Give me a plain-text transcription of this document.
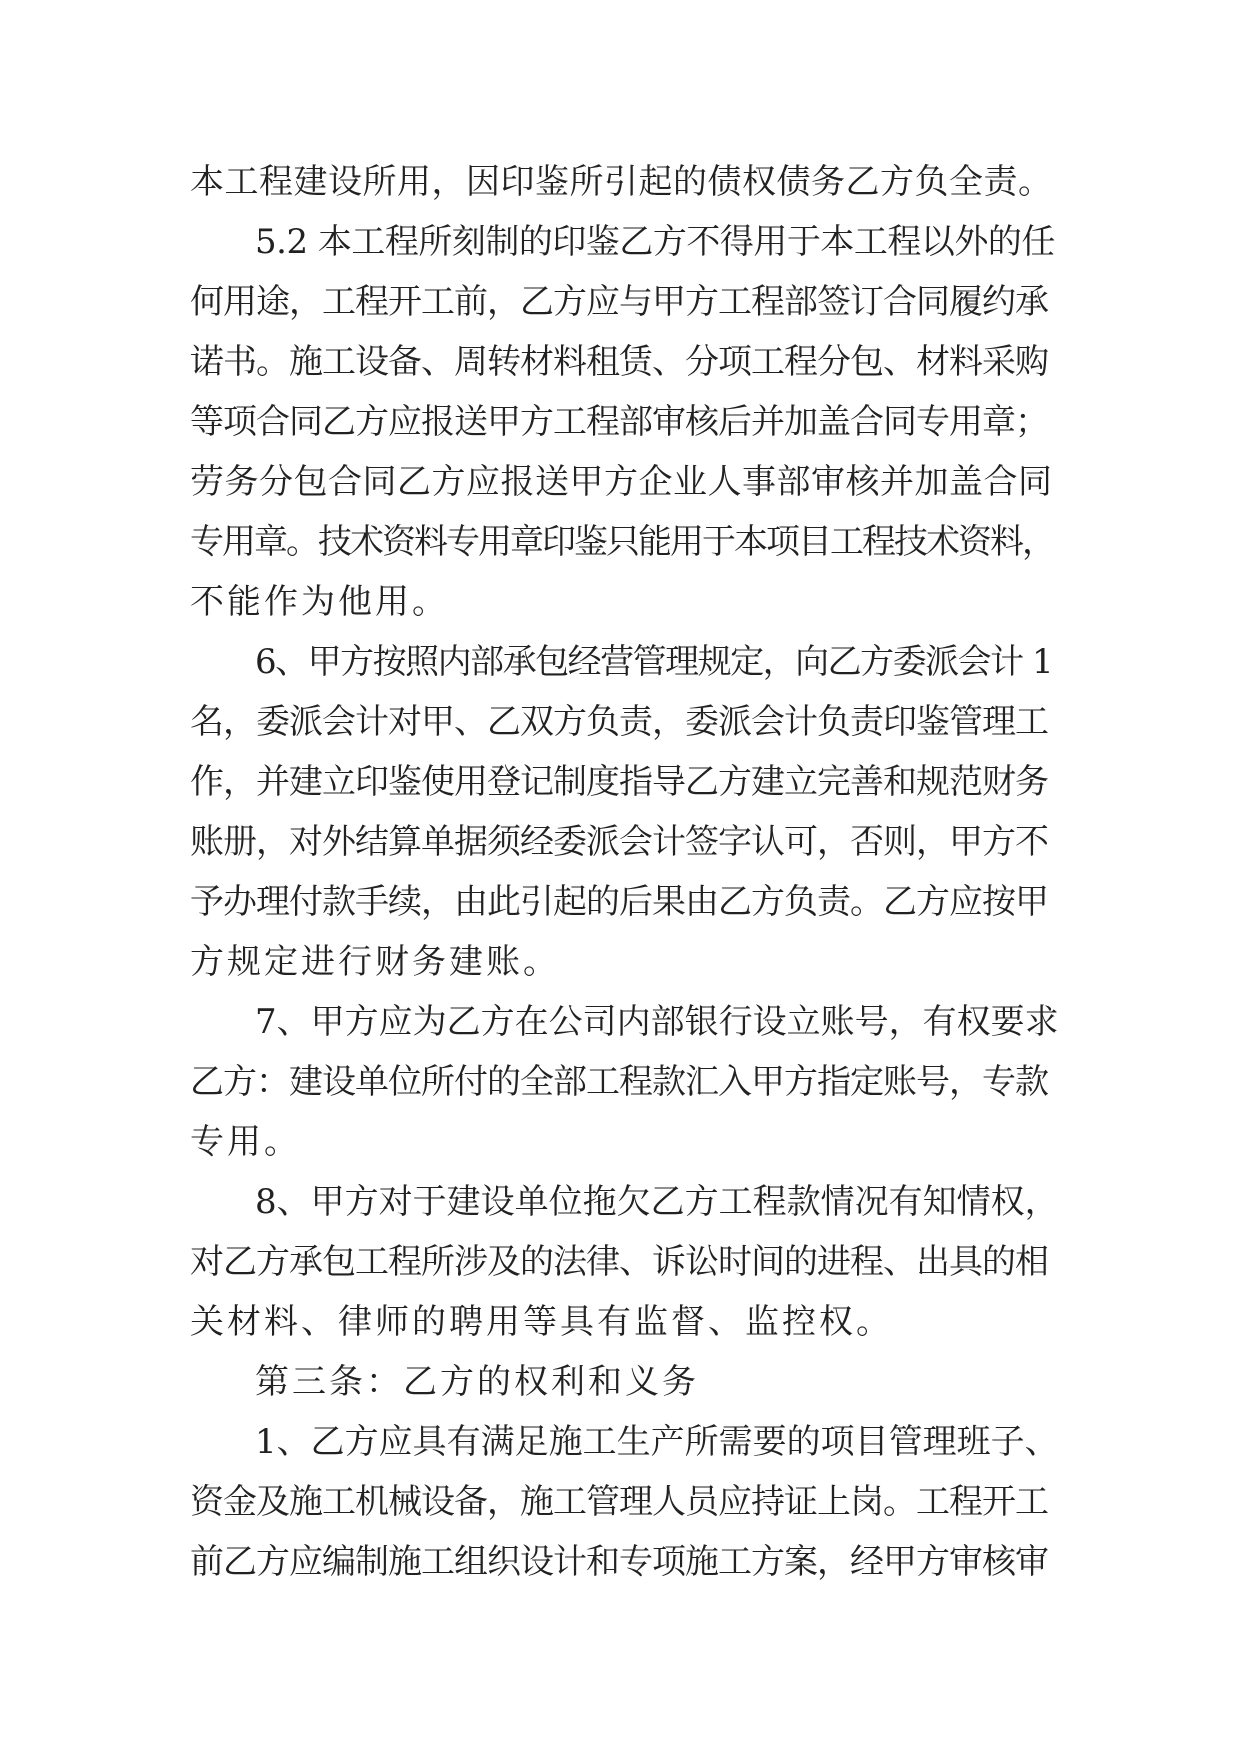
本工程建设所用，因印鉴所引起的债权债务乙方负全责。
5.2 本工程所刻制的印鉴乙方不得用于本工程以外的任
何用途，工程开工前，乙方应与甲方工程部签订合同履约承
诺书。施工设备、周转材料租赁、分项工程分包、材料采购
等项合同乙方应报送甲方工程部审核后并加盖合同专用章；
劳务分包合同乙方应报送甲方企业人事部审核并加盖合同
专用章。技术资料专用章印鉴只能用于本项目工程技术资料，
不能作为他用。
6、甲方按照内部承包经营管理规定，向乙方委派会计 1
名，委派会计对甲、乙双方负责，委派会计负责印鉴管理工
作，并建立印鉴使用登记制度指导乙方建立完善和规范财务
账册，对外结算单据须经委派会计签字认可，否则，甲方不
予办理付款手续，由此引起的后果由乙方负责。乙方应按甲
方规定进行财务建账。
7、甲方应为乙方在公司内部银行设立账号，有权要求
乙方：建设单位所付的全部工程款汇入甲方指定账号，专款
专用。
8、甲方对于建设单位拖欠乙方工程款情况有知情权，
对乙方承包工程所涉及的法律、诉讼时间的进程、出具的相
关材料、律师的聘用等具有监督、监控权。
第三条：乙方的权利和义务
1、乙方应具有满足施工生产所需要的项目管理班子、
资金及施工机械设备，施工管理人员应持证上岗。工程开工
前乙方应编制施工组织设计和专项施工方案，经甲方审核审
